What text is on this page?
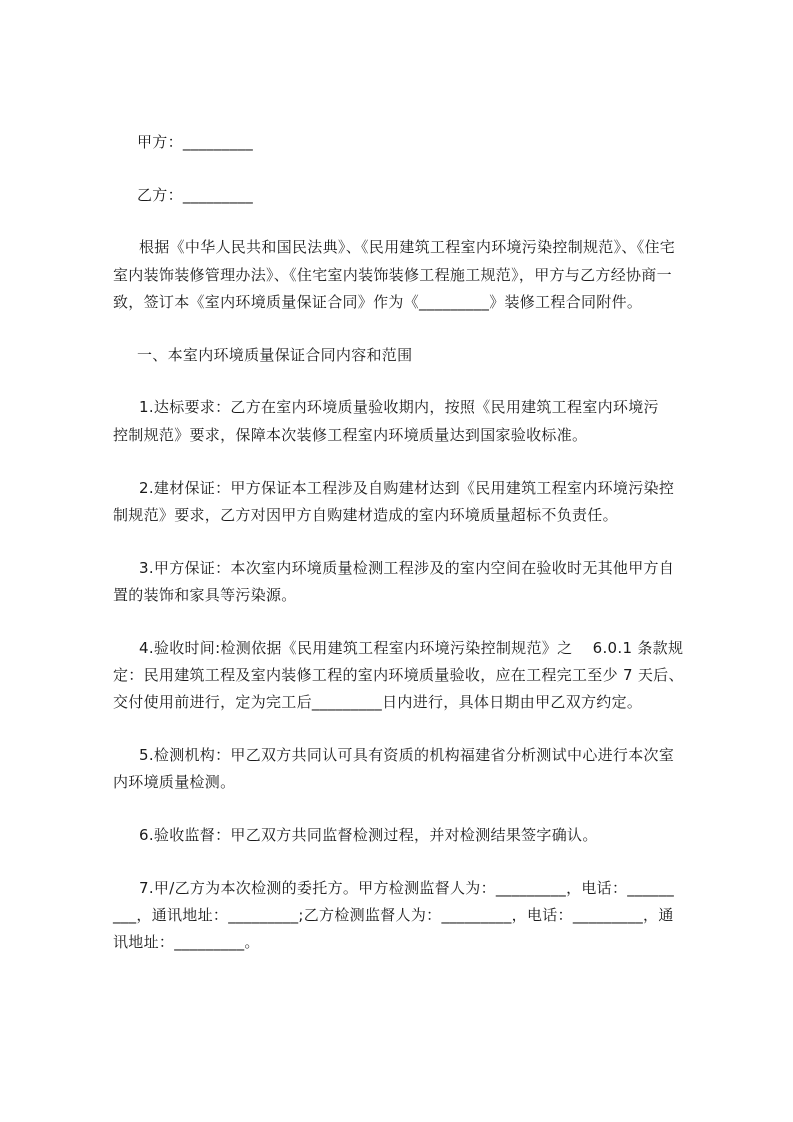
甲方：_________
乙方：_________
根据《中华人民共和国民法典》、《民用建筑工程室内环境污染控制规范》、《住宅
室内装饰装修管理办法》、《住宅室内装饰装修工程施工规范》，甲方与乙方经协商一
致，签订本《室内环境质量保证合同》作为《_________》装修工程合同附件。
一、本室内环境质量保证合同内容和范围
1.达标要求：乙方在室内环境质量验收期内，按照《民用建筑工程室内环境污
控制规范》要求，保障本次装修工程室内环境质量达到国家验收标准。
2.建材保证：甲方保证本工程涉及自购建材达到《民用建筑工程室内环境污染控
制规范》要求，乙方对因甲方自购建材造成的室内环境质量超标不负责任。
3.甲方保证：本次室内环境质量检测工程涉及的室内空间在验收时无其他甲方自
置的装饰和家具等污染源。
4.验收时间:检测依据《民用建筑工程室内环境污染控制规范》之    6.0.1 条款规
定：民用建筑工程及室内装修工程的室内环境质量验收，应在工程完工至少 7 天后、
交付使用前进行，定为完工后_________日内进行，具体日期由甲乙双方约定。
5.检测机构：甲乙双方共同认可具有资质的机构福建省分析测试中心进行本次室
内环境质量检测。
6.验收监督：甲乙双方共同监督检测过程，并对检测结果签字确认。
7.甲/乙方为本次检测的委托方。甲方检测监督人为：_________，电话：______
___，通讯地址：_________;乙方检测监督人为：_________，电话：_________，通
讯地址：_________。
